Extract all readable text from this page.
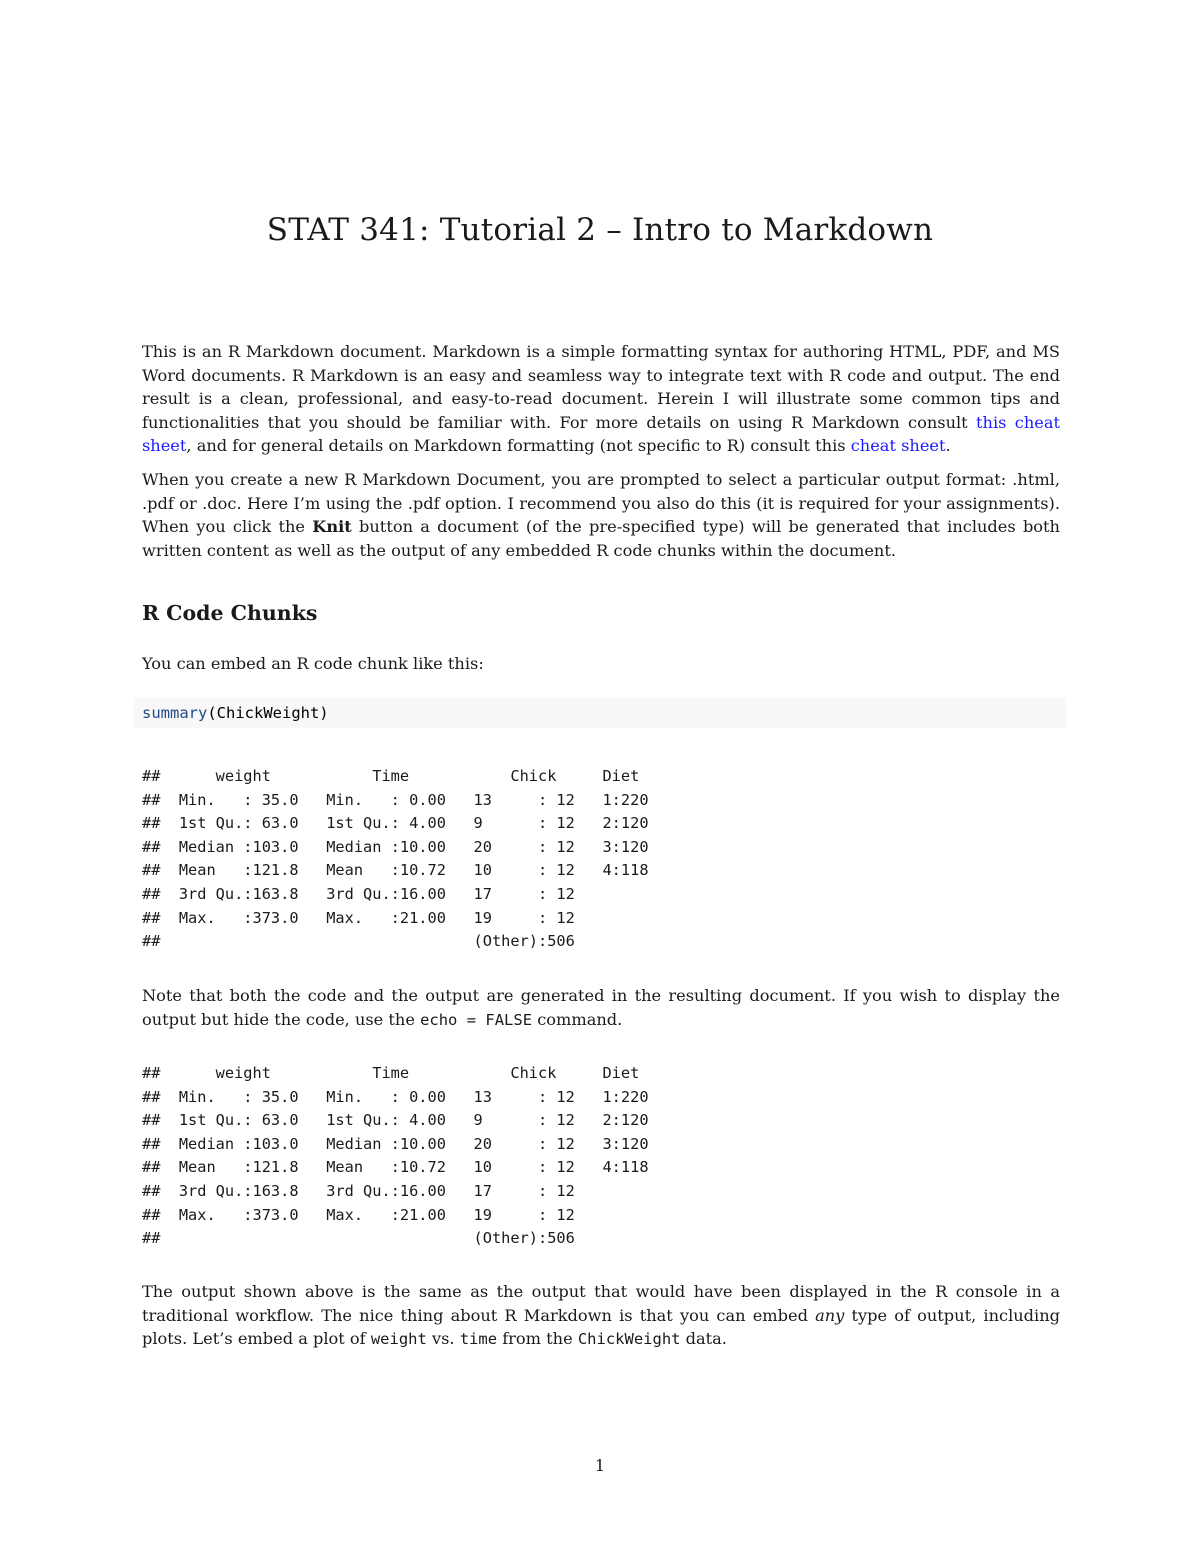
STAT 341: Tutorial 2 – Intro to Markdown

This is an R Markdown document. Markdown is a simple formatting syntax for authoring HTML, PDF, and MS Word documents. R Markdown is an easy and seamless way to integrate text with R code and output. The end result is a clean, professional, and easy-to-read document. Herein I will illustrate some common tips and functionalities that you should be familiar with. For more details on using R Markdown consult this cheat sheet, and for general details on Markdown formatting (not specific to R) consult this cheat sheet.

When you create a new R Markdown Document, you are prompted to select a particular output format: .html, .pdf or .doc. Here I’m using the .pdf option. I recommend you also do this (it is required for your assignments). When you click the Knit button a document (of the pre-specified type) will be generated that includes both written content as well as the output of any embedded R code chunks within the document.

R Code Chunks

You can embed an R code chunk like this:

summary(ChickWeight)
##      weight           Time           Chick     Diet
##  Min.   : 35.0   Min.   : 0.00   13     : 12   1:220
##  1st Qu.: 63.0   1st Qu.: 4.00   9      : 12   2:120
##  Median :103.0   Median :10.00   20     : 12   3:120
##  Mean   :121.8   Mean   :10.72   10     : 12   4:118
##  3rd Qu.:163.8   3rd Qu.:16.00   17     : 12
##  Max.   :373.0   Max.   :21.00   19     : 12
##                                  (Other):506

Note that both the code and the output are generated in the resulting document. If you wish to display the output but hide the code, use the echo = FALSE command.

##      weight           Time           Chick     Diet
##  Min.   : 35.0   Min.   : 0.00   13     : 12   1:220
##  1st Qu.: 63.0   1st Qu.: 4.00   9      : 12   2:120
##  Median :103.0   Median :10.00   20     : 12   3:120
##  Mean   :121.8   Mean   :10.72   10     : 12   4:118
##  3rd Qu.:163.8   3rd Qu.:16.00   17     : 12
##  Max.   :373.0   Max.   :21.00   19     : 12
##                                  (Other):506

The output shown above is the same as the output that would have been displayed in the R console in a traditional workflow. The nice thing about R Markdown is that you can embed any type of output, including plots. Let’s embed a plot of weight vs. time from the ChickWeight data.

1
